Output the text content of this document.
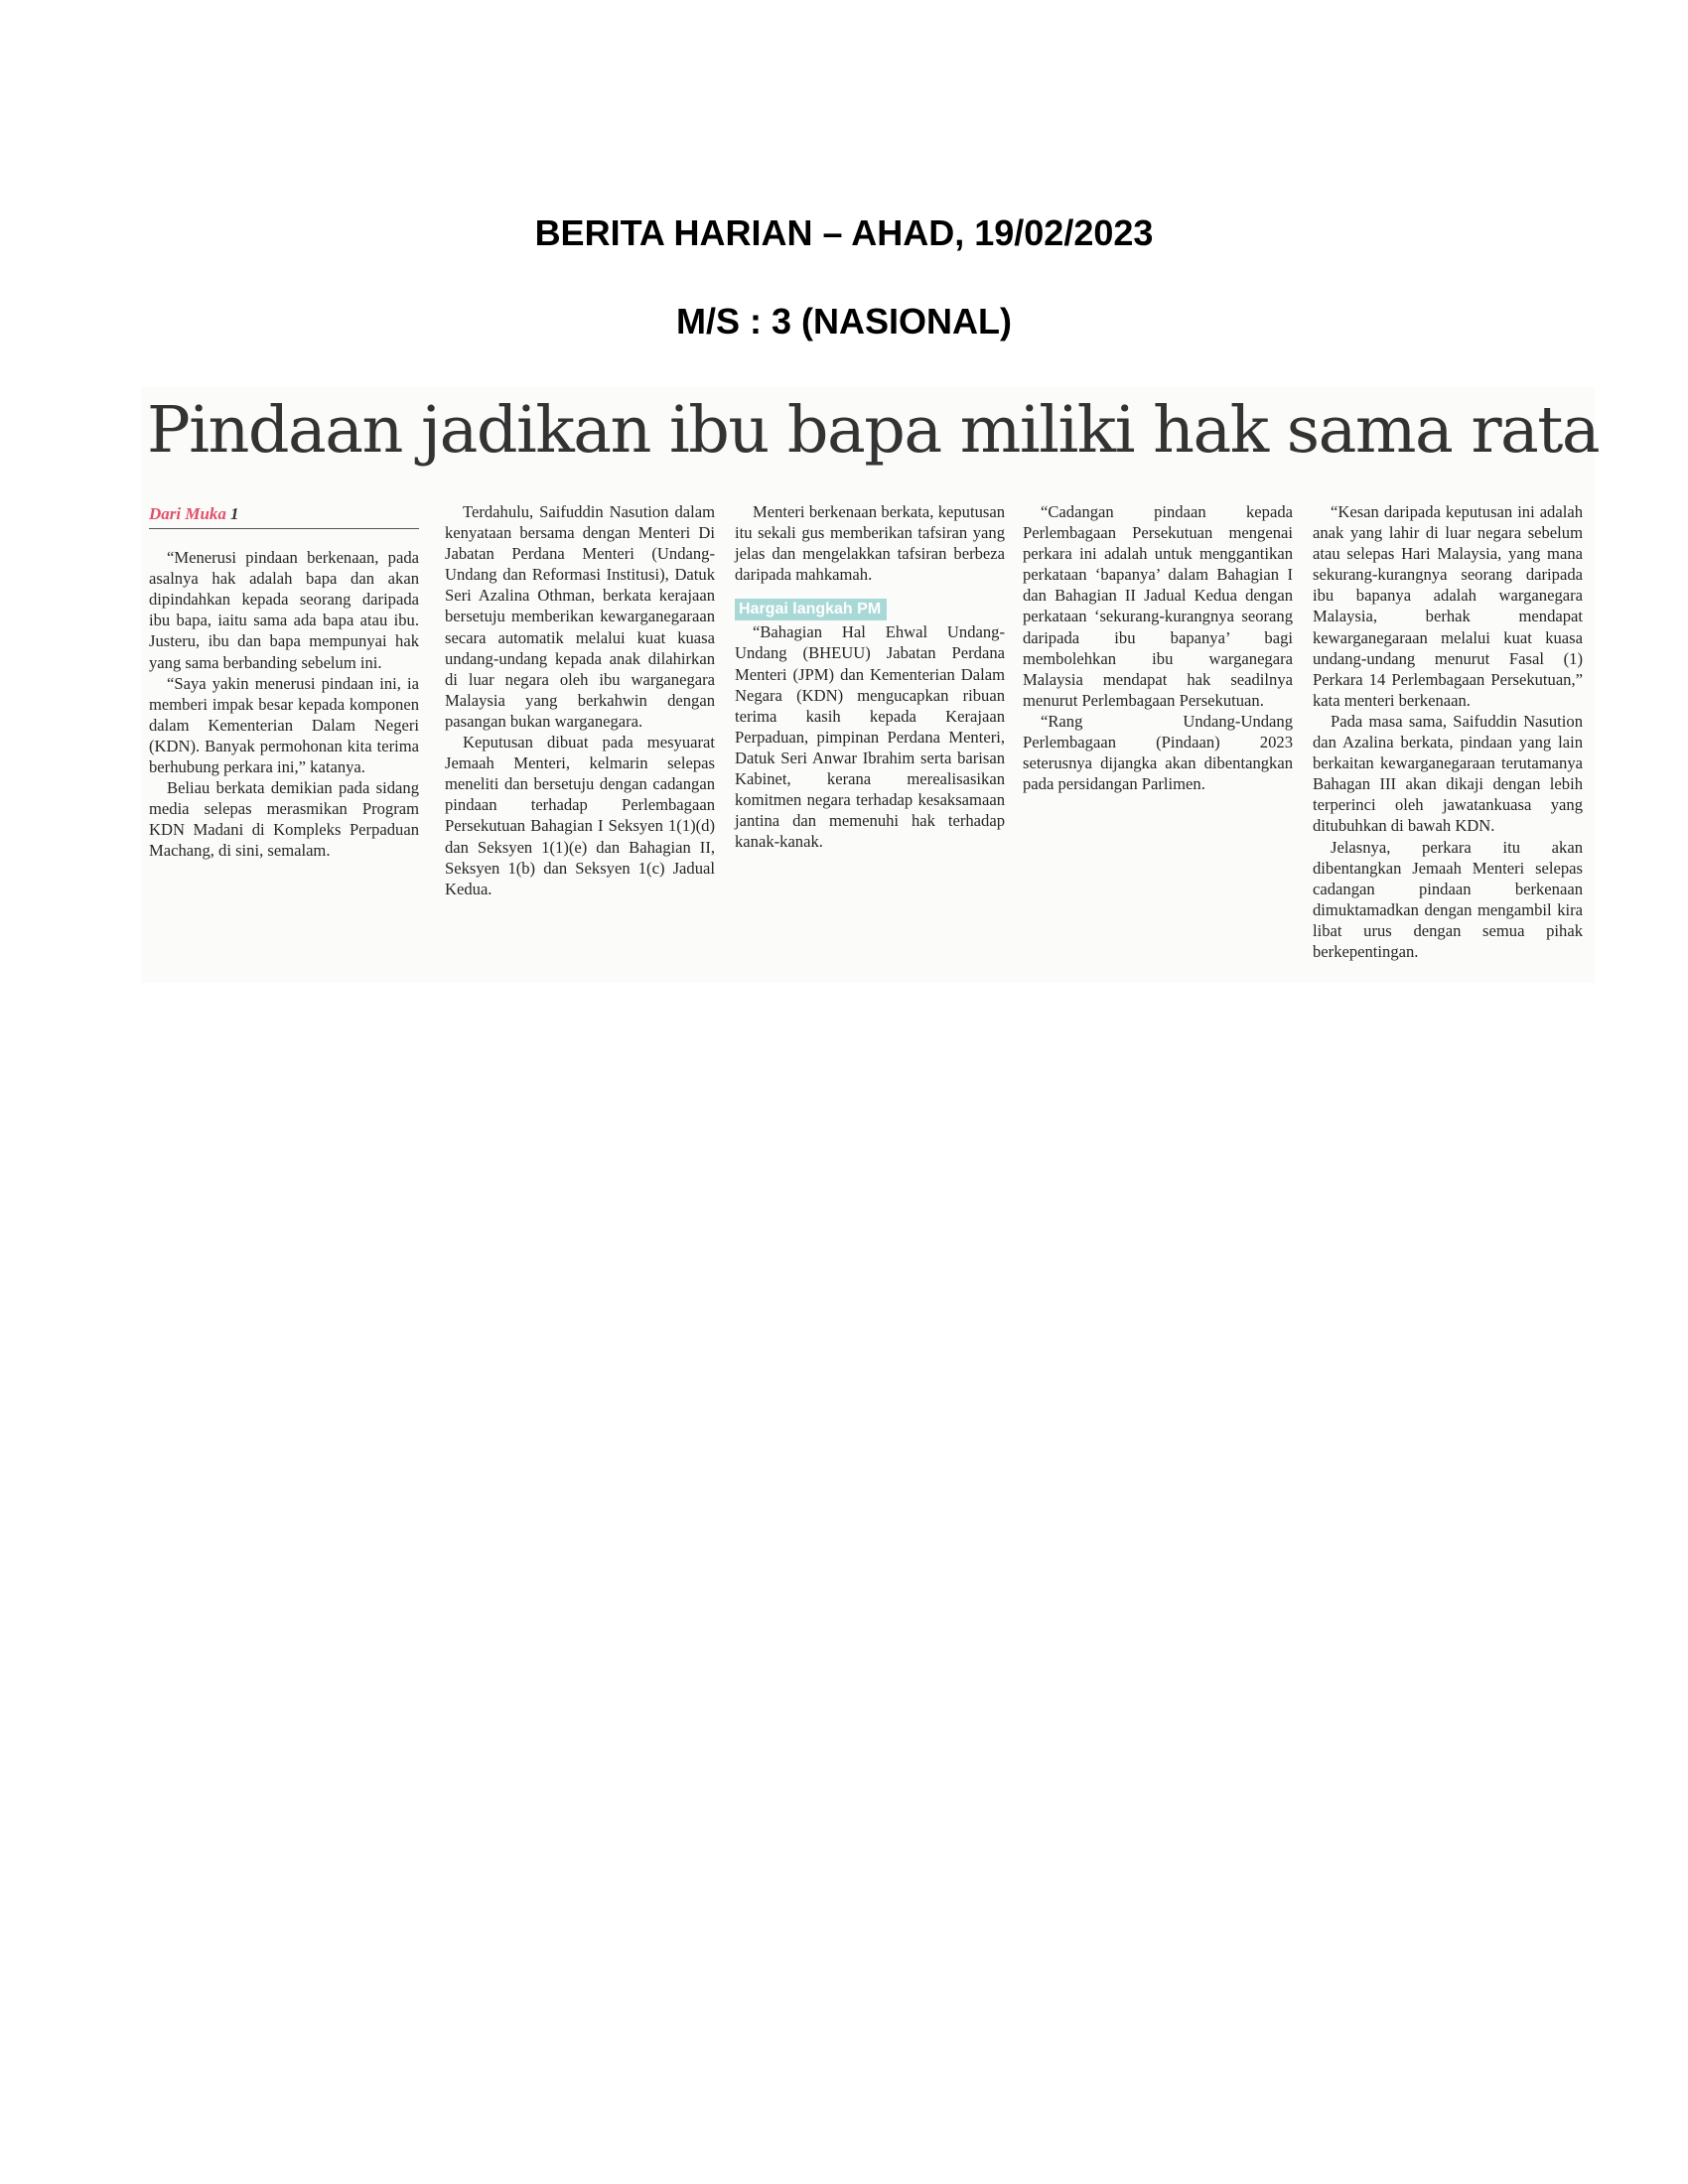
BERITA HARIAN – AHAD, 19/02/2023
M/S : 3 (NASIONAL)
Pindaan jadikan ibu bapa miliki hak sama rata
Dari Muka 1

“Menerusi pindaan berkenaan, pada asalnya hak adalah bapa dan akan dipindahkan kepada seorang daripada ibu bapa, iaitu sama ada bapa atau ibu. Justeru, ibu dan bapa mempunyai hak yang sama berbanding sebelum ini.

“Saya yakin menerusi pindaan ini, ia memberi impak besar kepada komponen dalam Kementerian Dalam Negeri (KDN). Banyak permohonan kita terima berhubung perkara ini,” katanya.

Beliau berkata demikian pada sidang media selepas merasmikan Program KDN Madani di Kompleks Perpaduan Machang, di sini, semalam.

Terdahulu, Saifuddin Nasution dalam kenyataan bersama dengan Menteri Di Jabatan Perdana Menteri (Undang-Undang dan Reformasi Institusi), Datuk Seri Azalina Othman, berkata kerajaan bersetuju memberikan kewarganegaraan secara automatik melalui kuat kuasa undang-undang kepada anak dilahirkan di luar negara oleh ibu warganegara Malaysia yang berkahwin dengan pasangan bukan warganegara.

Keputusan dibuat pada mesyuarat Jemaah Menteri, kelmarin selepas meneliti dan bersetuju dengan cadangan pindaan terhadap Perlembagaan Persekutuan Bahagian I Seksyen 1(1)(d) dan Seksyen 1(1)(e) dan Bahagian II, Seksyen 1(b) dan Seksyen 1(c) Jadual Kedua.

Menteri berkenaan berkata, keputusan itu sekali gus memberikan tafsiran yang jelas dan mengelakkan tafsiran berbeza daripada mahkamah.

Hargai langkah PM

“Bahagian Hal Ehwal Undang-Undang (BHEUU) Jabatan Perdana Menteri (JPM) dan Kementerian Dalam Negara (KDN) mengucapkan ribuan terima kasih kepada Kerajaan Perpaduan, pimpinan Perdana Menteri, Datuk Seri Anwar Ibrahim serta barisan Kabinet, kerana merealisasikan komitmen negara terhadap kesaksamaan jantina dan memenuhi hak terhadap kanak-kanak.

“Cadangan pindaan kepada Perlembagaan Persekutuan mengenai perkara ini adalah untuk menggantikan perkataan ‘bapanya’ dalam Bahagian I dan Bahagian II Jadual Kedua dengan perkataan ‘sekurang-kurangnya seorang daripada ibu bapanya’ bagi membolehkan ibu warganegara Malaysia mendapat hak seadilnya menurut Perlembagaan Persekutuan.

“Rang Undang-Undang Perlembagaan (Pindaan) 2023 seterusnya dijangka akan dibentangkan pada persidangan Parlimen.

“Kesan daripada keputusan ini adalah anak yang lahir di luar negara sebelum atau selepas Hari Malaysia, yang mana sekurang-kurangnya seorang daripada ibu bapanya adalah warganegara Malaysia, berhak mendapat kewarganegaraan melalui kuat kuasa undang-undang menurut Fasal (1) Perkara 14 Perlembagaan Persekutuan,” kata menteri berkenaan.

Pada masa sama, Saifuddin Nasution dan Azalina berkata, pindaan yang lain berkaitan kewarganegaraan terutamanya Bahagan III akan dikaji dengan lebih terperinci oleh jawatankuasa yang ditubuhkan di bawah KDN.

Jelasnya, perkara itu akan dibentangkan Jemaah Menteri selepas cadangan pindaan berkenaan dimuktamadkan dengan mengambil kira libat urus dengan semua pihak berkepentingan.
